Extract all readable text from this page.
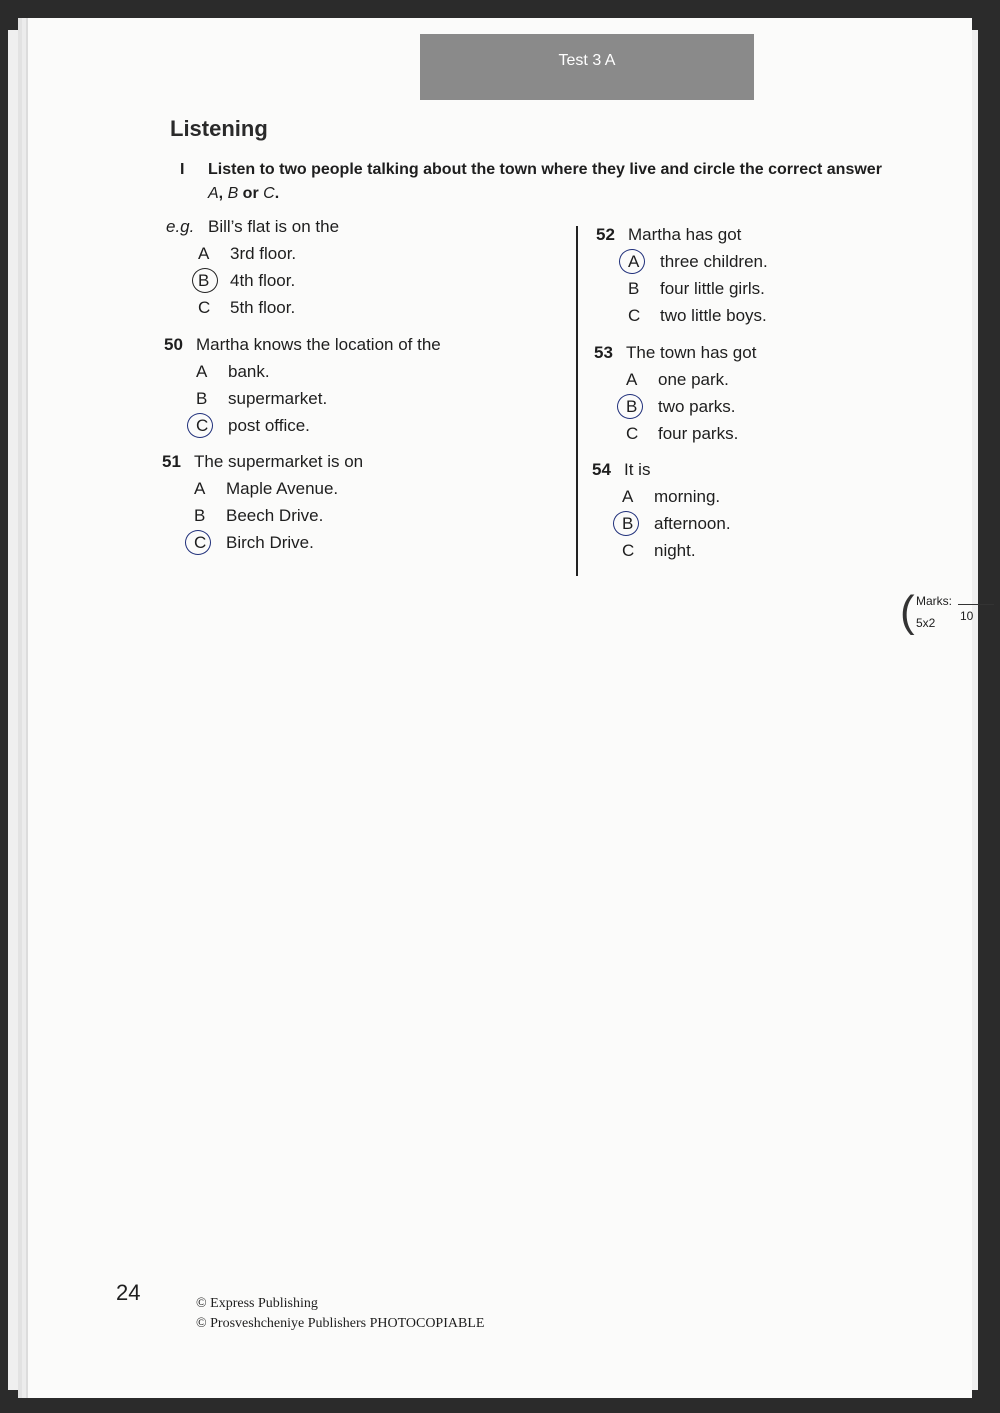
Test 3 A
Listening
I Listen to two people talking about the town where they live and circle the correct answer
A, B or C.
e.g. Bill’s flat is on the
A 3rd floor.
B 4th floor.
C 5th floor.
50 Martha knows the location of the
A bank.
B supermarket.
C post office.
51 The supermarket is on
A Maple Avenue.
B Beech Drive.
C Birch Drive.
52 Martha has got
A three children.
B four little girls.
C two little boys.
53 The town has got
A one park.
B two parks.
C four parks.
54 It is
A morning.
B afternoon.
C night.
( Marks:
5x2 10
24	© Express Publishing
© Prosveshcheniye Publishers PHOTOCOPIABLE
